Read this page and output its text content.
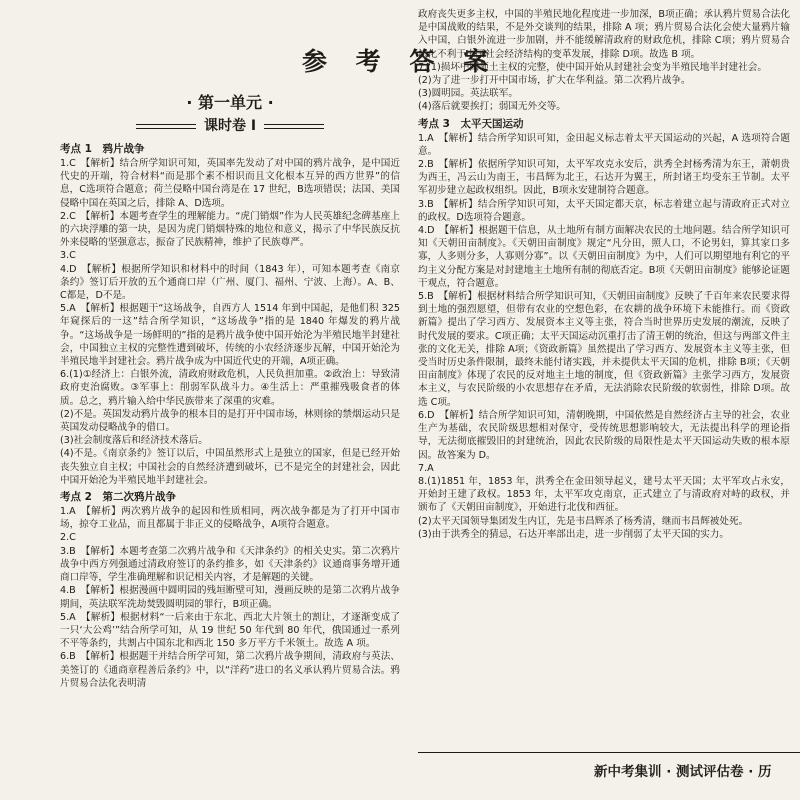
参 考 答 案
· 第一单元 ·
课时卷 I
考点 1　鸦片战争

1.C　【解析】结合所学知识可知，英国率先发动了对中国的鸦片战争，是中国近代史的开端，符合材料“而是那个素不相识而且文化根本互异的西方世界”的信息，C选项符合题意；荷兰侵略中国台湾是在 17 世纪，B选项错误；法国、美国侵略中国在英国之后，排除 A、D选项。

2.C　【解析】本题考查学生的理解能力。“虎门销烟”作为人民英雄纪念碑基座上的六块浮雕的第一块，是因为虎门销烟特殊的地位和意义，揭示了中华民族反抗外来侵略的坚强意志，振奋了民族精神，维护了民族尊严。

3.C

4.D　【解析】根据所学知识和材料中的时间（1843 年），可知本题考查《南京条约》签订后开放的五个通商口岸（广州、厦门、福州、宁波、上海）。A、B、C都是，D不是。

5.A　【解析】根据题干“这场战争，自西方人 1514 年到中国起，是他们积 325 年窥探后的一这”结合所学知识，“这场战争”指的是 1840 年爆发的鸦片战争。“这场战争是一场鲜明的”指的是鸦片战争使中国开始沦为半殖民地半封建社会，中国独立主权的完整性遭到破坏，传统的小农经济逐步瓦解，中国开始沦为半殖民地半封建社会。鸦片战争成为中国近代史的开端，A项正确。

6.(1)①经济上：白银外流，清政府财政危机，人民负担加重。②政治上：导致清政府吏治腐败。③军事上：削弱军队战斗力。④生活上：严重摧残吸食者的体质。总之，鸦片输入给中华民族带来了深重的灾难。

(2)不是。英国发动鸦片战争的根本目的是打开中国市场，林则徐的禁烟运动只是英国发动侵略战争的借口。

(3)社会制度落后和经济技术落后。

(4)不是。《南京条约》签订以后，中国虽然形式上是独立的国家，但是已经开始丧失独立自主权；中国社会的自然经济遭到破坏，已不是完全的封建社会，因此中国开始沦为半殖民地半封建社会。

考点 2　第二次鸦片战争

1.A　【解析】两次鸦片战争的起因和性质相同，两次战争都是为了打开中国市场，掠夺工业品，而且都属于非正义的侵略战争，A项符合题意。

2.C

3.B　【解析】本题考查第二次鸦片战争和《天津条约》的相关史实。第二次鸦片战争中西方列强通过清政府签订的条约推多，如《天津条约》议通商事务增开通商口岸等，学生准确理解和识记相关内容，才是解题的关键。

4.B　【解析】根据漫画中圆明园的残垣断壁可知，漫画反映的是第二次鸦片战争期间，英法联军洗劫焚毁圆明园的罪行，B项正确。

5.A　【解析】根据材料“一后来由于东北、西北大片领土的割让，才逐渐变成了一只‘大公鸡’”结合所学可知，从 19 世纪 50 年代到 80 年代，俄国通过一系列不平等条约，共割占中国东北和西北 150 多万平方千米领土。故选 A 项。

6.B　【解析】根据题干并结合所学可知，第二次鸦片战争期间，清政府与英法、美签订的《通商章程善后条约》中，以“洋药”进口的名义承认鸦片贸易合法。鸦片贸易合法化表明清

政府丧失更多主权，中国的半殖民地化程度进一步加深，B项正确；承认鸦片贸易合法化是中国战败的结果，不是外交谈判的结果，排除 A 项；鸦片贸易合法化会使大量鸦片输入中国，白银外流进一步加剧，并不能缓解清政府的财政危机，排除 C项；鸦片贸易合法化不利于中国社会经济结构的变革发展，排除 D项。故选 B 项。

7.(1)损坏中国领土主权的完整，使中国开始从封建社会变为半殖民地半封建社会。

(2)为了进一步打开中国市场，扩大在华利益。第二次鸦片战争。

(3)圆明园。英法联军。

(4)落后就要挨打；弱国无外交等。

考点 3　太平天国运动

1.A　【解析】结合所学知识可知，金田起义标志着太平天国运动的兴起，A 选项符合题意。

2.B　【解析】依据所学知识可知，太平军攻克永安后，洪秀全封杨秀清为东王，萧朝贵为西王，冯云山为南王，韦昌辉为北王，石达开为翼王，所封诸王均受东王节制。太平军初步建立起政权组织。因此，B项永安建制符合题意。

3.B　【解析】结合所学知识可知，太平天国定都天京，标志着建立起与清政府正式对立的政权。D选项符合题意。

4.D　【解析】根据题干信息，从土地所有制方面解决农民的土地问题。结合所学知识可知《天朝田亩制度》。《天朝田亩制度》规定“凡分田，照人口，不论男妇，算其家口多寡，人多则分多，人寡则分寡”。以《天朝田亩制度》为中，人们可以期望地有利它的平均主义分配方案是对封建地主土地所有制的彻底否定。B项《天朝田亩制度》能够论证题干观点，符合题意。

5.B　【解析】根据材料结合所学知识可知，《天朝田亩制度》反映了千百年来农民要求得到土地的强烈愿望，但带有农业的空想色彩，在农耕的战争环境下未能推行。而《资政新篇》提出了学习西方、发展资本主义等主张，符合当时世界历史发展的潮流，反映了时代发展的要求。C项正确；太平天国运动沉重打击了清王朝的统治，但这与两部文件主张的文化无关，排除 A项；《资政新篇》虽然提出了学习西方、发展资本主义等主张，但受当时历史条件限制，最终未能付诸实践，并未提供太平天国的危机，排除 B项；《天朝田亩制度》体现了农民的反对地主土地的制度，但《资政新篇》主张学习西方，发展资本主义，与农民阶级的小农思想存在矛盾，无法消除农民阶级的软弱性，排除 D项。故选 C项。

6.D　【解析】结合所学知识可知，清朝晚期，中国依然是自然经济占主导的社会，农业生产为基础，农民阶级思想相对保守，受传统思想影响较大，无法提出科学的理论指导，无法彻底摧毁旧的封建统治，因此农民阶级的局限性是太平天国运动失败的根本原因。故答案为 D。

7.A

8.(1)1851 年，1853 年，洪秀全在金田领导起义，建号太平天国；太平军攻占永安，开始封王建了政权。1853 年，太平军攻克南京，正式建立了与清政府对峙的政权，并颁布了《天朝田亩制度》，开始进行北伐和西征。

(2)太平天国领导集团发生内讧，先是韦昌辉杀了杨秀清，继而韦昌辉被处死。

(3)由于洪秀全的猜忌，石达开率部出走，进一步削弱了太平天国的实力。

新中考集训 · 测试评估卷 · 历
